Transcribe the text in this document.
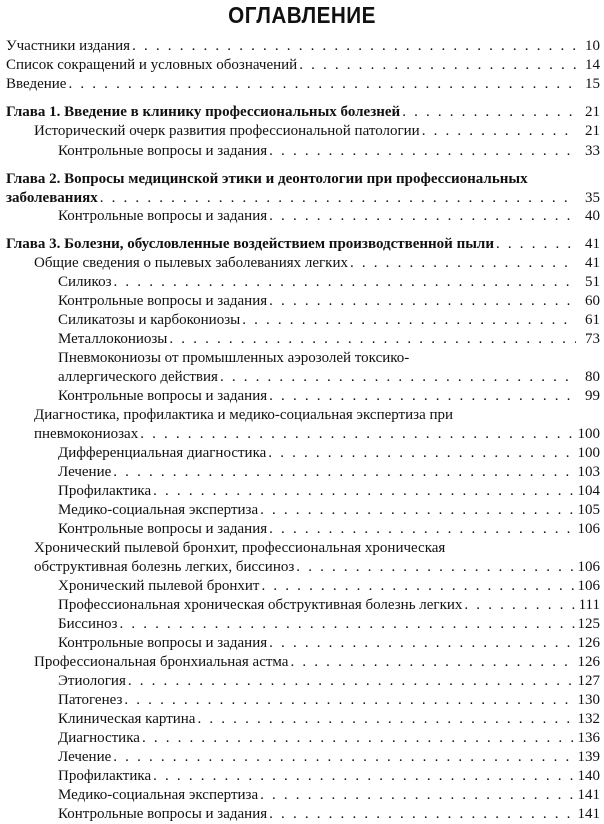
ОГЛАВЛЕНИЕ
Участники издания . . .	10
Список сокращений и условных обозначений . . .	14
Введение . . .	15
Глава 1. Введение в клинику профессиональных болезней . . .	21
Исторический очерк развития профессиональной патологии . . .	21
Контрольные вопросы и задания . . .	33
Глава 2. Вопросы медицинской этики и деонтологии при профессиональных
заболеваниях . . .	35
Контрольные вопросы и задания . . .	40
Глава 3. Болезни, обусловленные воздействием производственной пыли . . .	41
Общие сведения о пылевых заболеваниях легких . . .	41
Силикоз . . .	51
Контрольные вопросы и задания . . .	60
Силикатозы и карбокониозы . . .	61
Металлокониозы . . .	73
Пневмокониозы от промышленных аэрозолей токсико-
аллергического действия . . .	80
Контрольные вопросы и задания . . .	99
Диагностика, профилактика и медико-социальная экспертиза при
пневмокониозах . . .	100
Дифференциальная диагностика . . .	100
Лечение . . .	103
Профилактика . . .	104
Медико-социальная экспертиза . . .	105
Контрольные вопросы и задания . . .	106
Хронический пылевой бронхит, профессиональная хроническая
обструктивная болезнь легких, биссиноз . . .	106
Хронический пылевой бронхит . . .	106
Профессиональная хроническая обструктивная болезнь легких . . .	111
Биссиноз . . .	125
Контрольные вопросы и задания . . .	126
Профессиональная бронхиальная астма . . .	126
Этиология . . .	127
Патогенез . . .	130
Клиническая картина . . .	132
Диагностика . . .	136
Лечение . . .	139
Профилактика . . .	140
Медико-социальная экспертиза . . .	141
Контрольные вопросы и задания . . .	141
